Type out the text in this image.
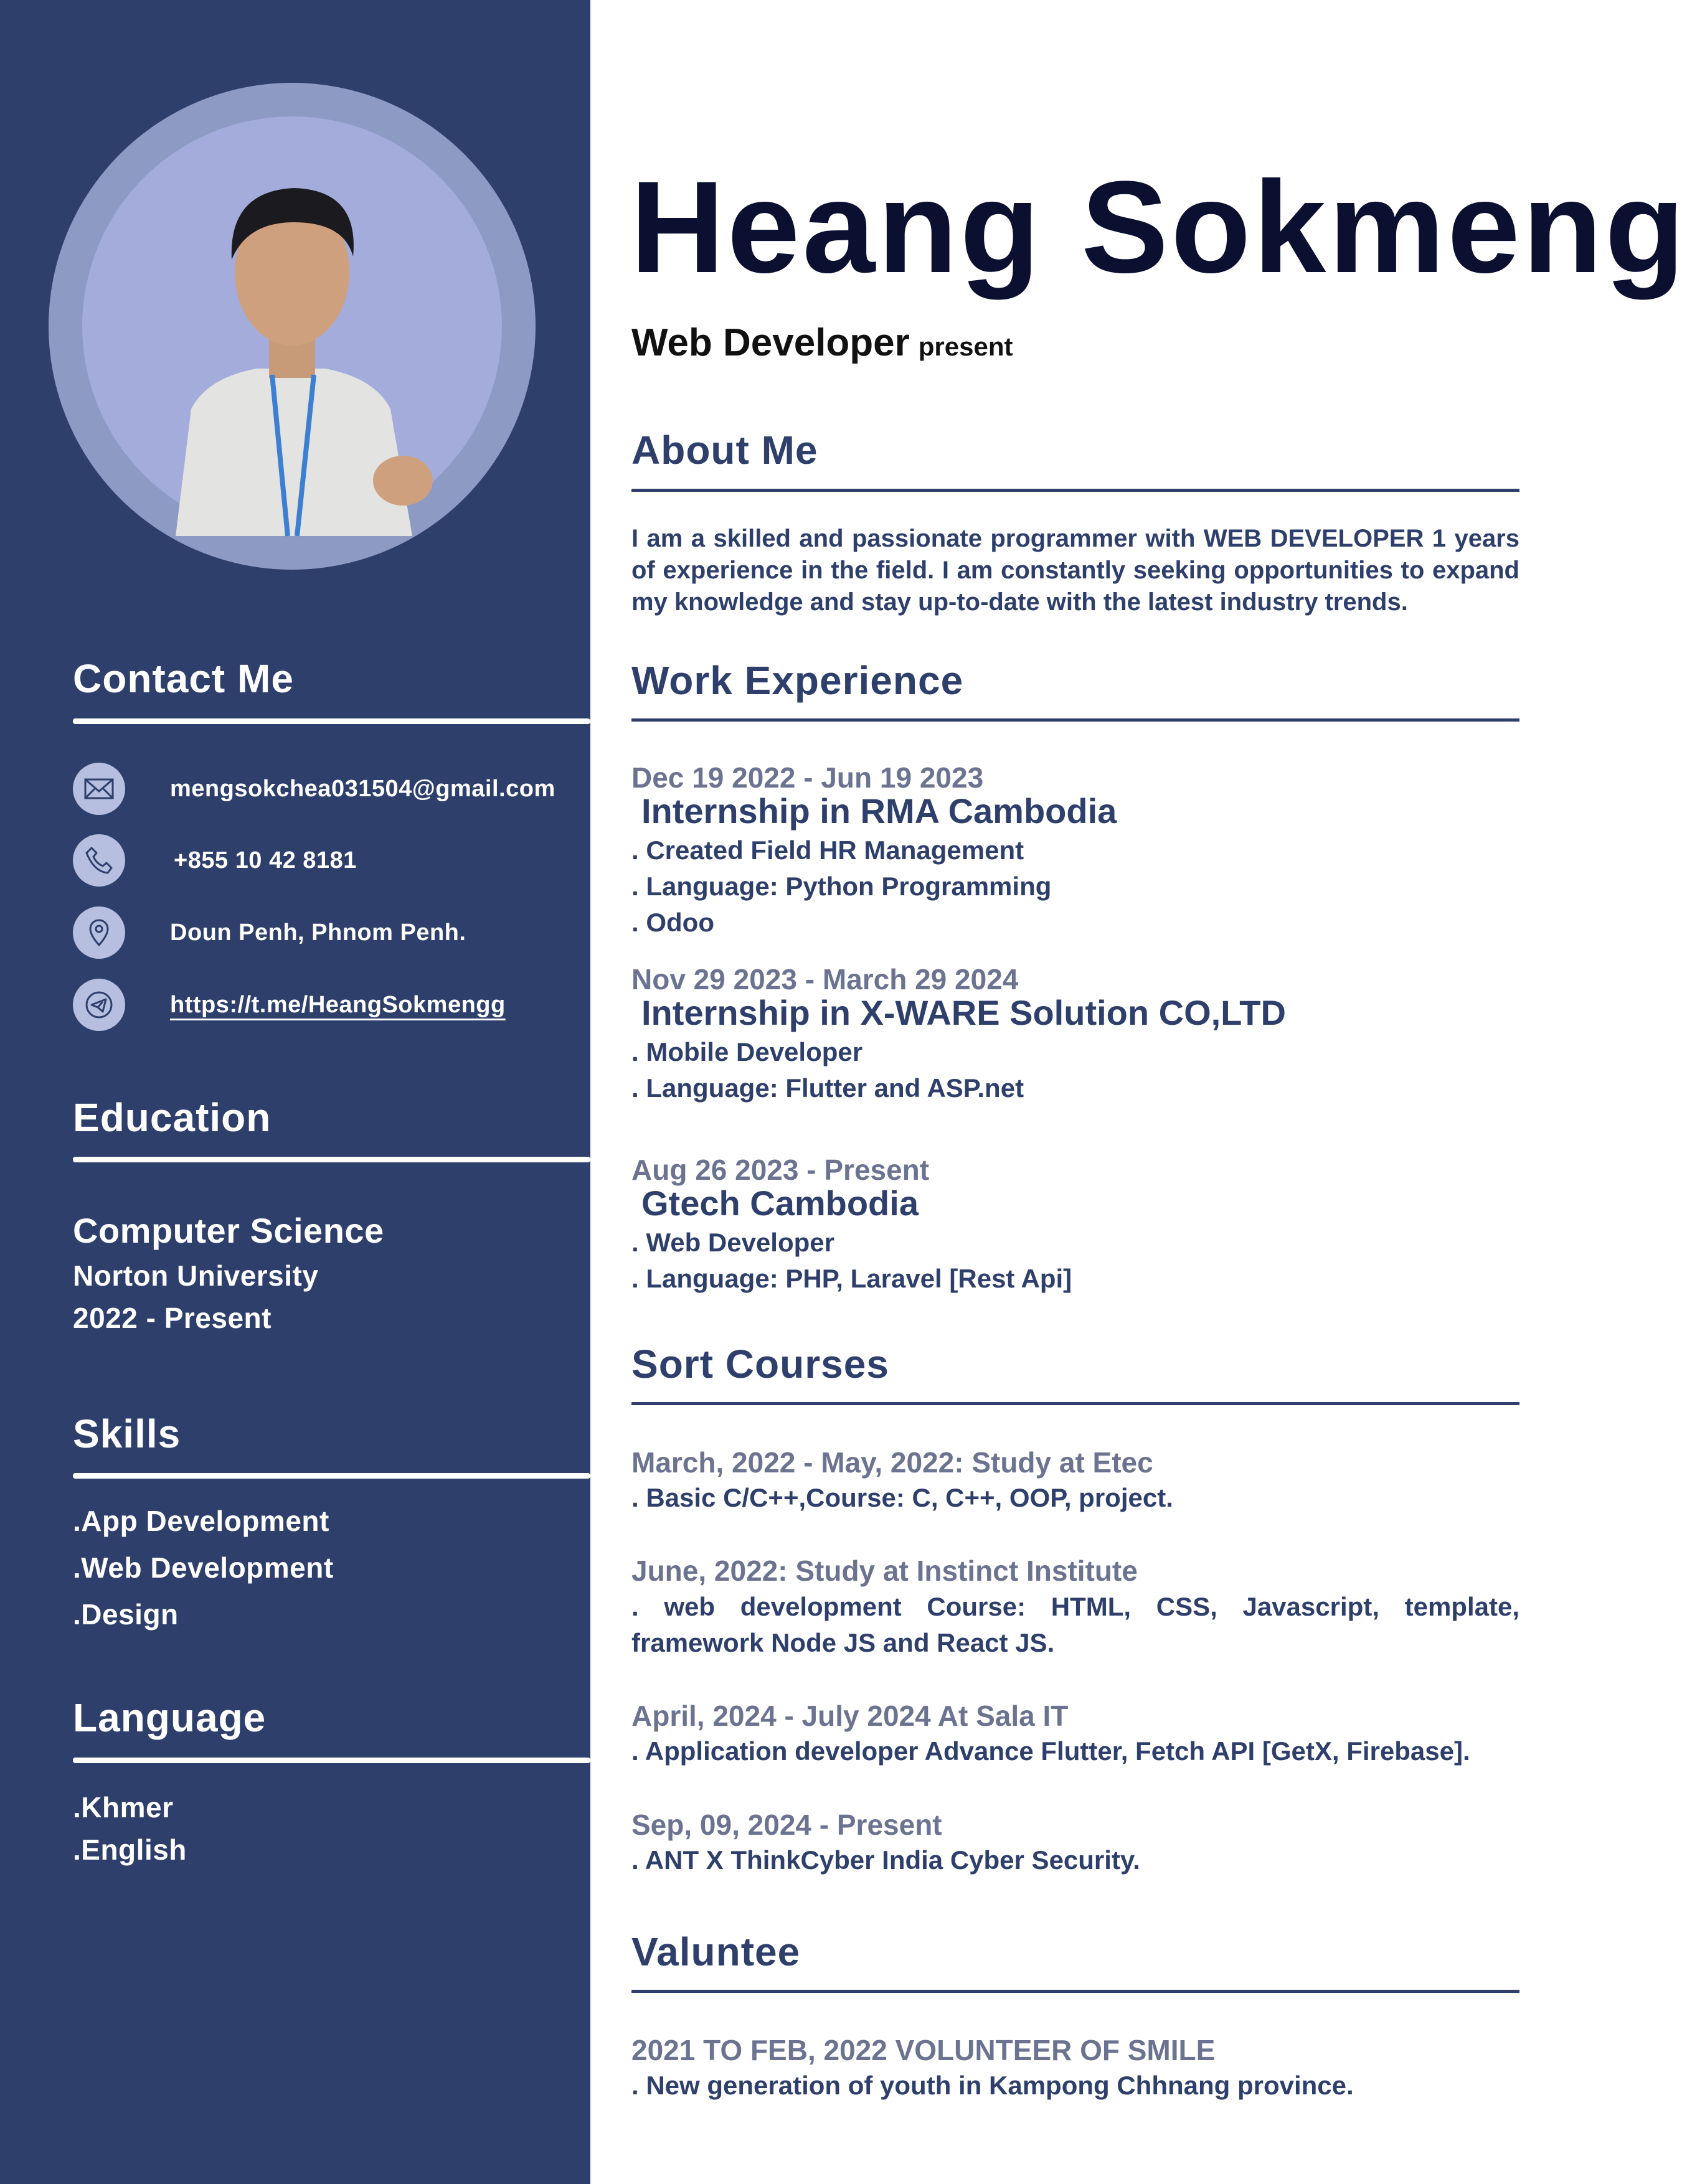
Contact Me
mengsokchea031504@gmail.com
+855 10 42 8181
Doun Penh, Phnom Penh.
https://t.me/HeangSokmengg
Education
Computer Science
Norton University
2022 - Present
Skills
.App Development
.Web Development
.Design
Language
.Khmer
.English
Heang Sokmeng
Web Developer present
About Me
I am a skilled and passionate programmer with WEB DEVELOPER 1 years of experience in the field. I am constantly seeking opportunities to expand my knowledge and stay up-to-date with the latest industry trends.
Work Experience
Dec 19 2022 - Jun 19 2023
Internship in RMA Cambodia
. Created Field HR Management
. Language: Python Programming
. Odoo
Nov 29 2023 - March 29 2024
Internship in X-WARE Solution CO,LTD
. Mobile Developer
. Language: Flutter and ASP.net
Aug 26 2023 - Present
Gtech Cambodia
. Web Developer
. Language: PHP, Laravel [Rest Api]
Sort Courses
March, 2022 - May, 2022: Study at Etec
. Basic C/C++,Course: C, C++, OOP, project.
June, 2022: Study at Instinct Institute
. web development Course: HTML, CSS, Javascript, template, framework Node JS and React JS.
April, 2024 - July 2024 At Sala IT
. Application developer Advance Flutter, Fetch API [GetX, Firebase].
Sep, 09, 2024 - Present
. ANT X ThinkCyber India Cyber Security.
Valuntee
2021 TO FEB, 2022 VOLUNTEER OF SMILE
. New generation of youth in Kampong Chhnang province.
